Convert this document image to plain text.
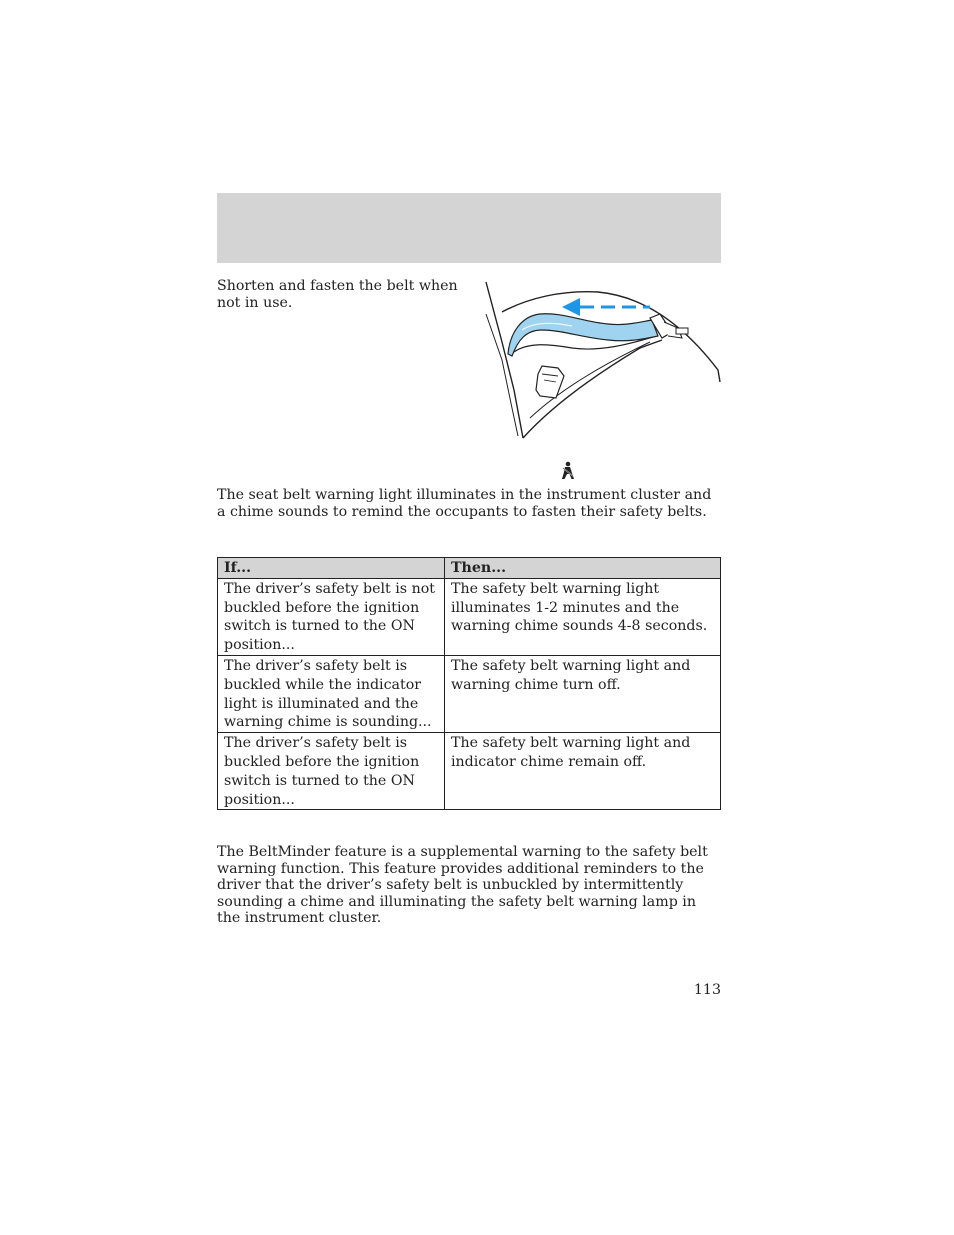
Shorten and fasten the belt when not in use.

The seat belt warning light illuminates in the instrument cluster and a chime sounds to remind the occupants to fasten their safety belts.

If...	Then...
The driver’s safety belt is not buckled before the ignition switch is turned to the ON position...	The safety belt warning light illuminates 1-2 minutes and the warning chime sounds 4-8 seconds.
The driver’s safety belt is buckled while the indicator light is illuminated and the warning chime is sounding...	The safety belt warning light and warning chime turn off.
The driver’s safety belt is buckled before the ignition switch is turned to the ON position...	The safety belt warning light and indicator chime remain off.

The BeltMinder feature is a supplemental warning to the safety belt warning function. This feature provides additional reminders to the driver that the driver’s safety belt is unbuckled by intermittently sounding a chime and illuminating the safety belt warning lamp in the instrument cluster.

113
